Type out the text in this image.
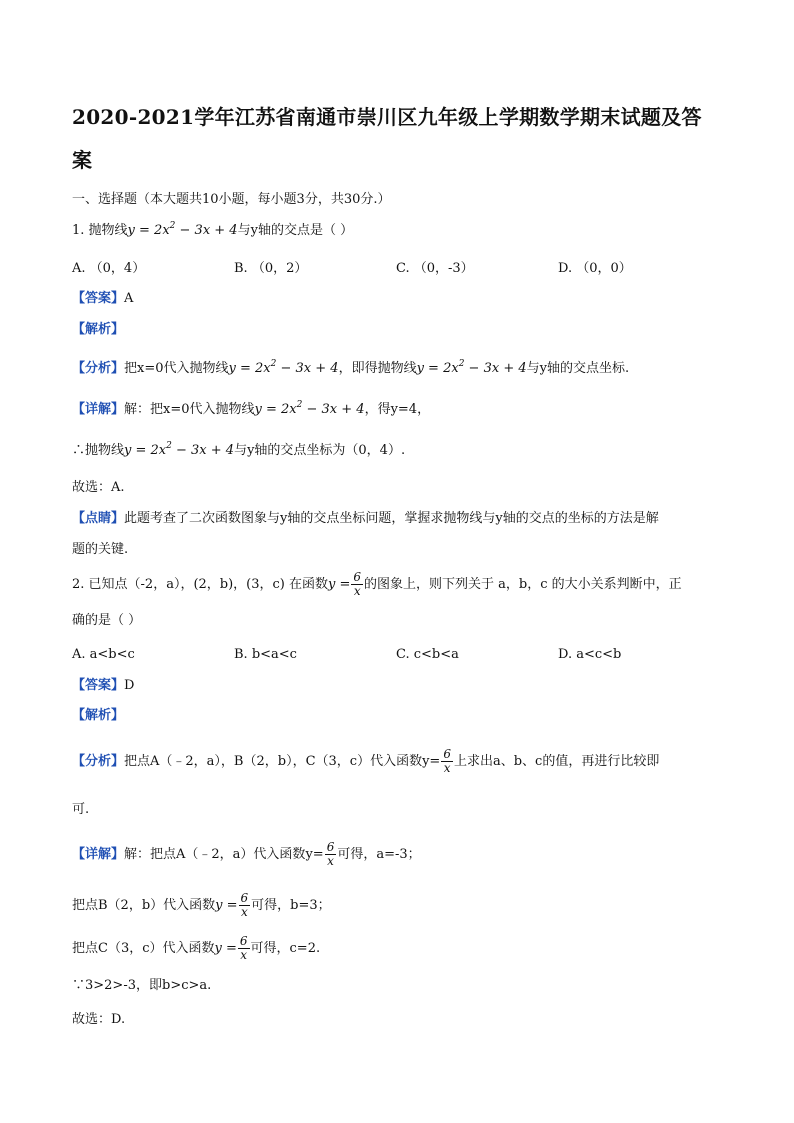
2020-2021学年江苏省南通市崇川区九年级上学期数学期末试题及答
案
一、选择题（本大题共10小题，每小题3分，共30分.）
1. 抛物线$y = 2x^2 - 3x + 4$与y轴的交点是（ ）
A. （0，4）	B. （0，2）	C. （0，-3）	D. （0，0）
【答案】A
【解析】
【分析】把x=0代入抛物线$y = 2x^2 - 3x + 4$，即得抛物线$y = 2x^2 - 3x + 4$与y轴的交点坐标.
【详解】解：把x=0代入抛物线$y = 2x^2 - 3x + 4$，得y=4，
∴抛物线$y = 2x^2 - 3x + 4$与y轴的交点坐标为（0，4）.
故选：A.
【点睛】此题考查了二次函数图象与y轴的交点坐标问题，掌握求抛物线与y轴的交点的坐标的方法是解
题的关键.
2. 已知点（-2，a），(2，b)，(3，c) 在函数$y = \frac{6}{x}$ 的图象上，则下列关于 a，b，c 的大小关系判断中，正
确的是（ ）
A. a<b<c	B. b<a<c	C. c<b<a	D. a<c<b
【答案】D
【解析】
【分析】把点A（﹣2，a），B（2，b），C（3，c）代入函数$y= \frac{6}{x}$ 上求出a、b、c的值，再进行比较即
可.
【详解】解：把点A（﹣2，a）代入函数$y= \frac{6}{x}$ 可得，a=-3；
把点B（2，b）代入函数$y = \frac{6}{x}$ 可得，b=3；
把点C（3，c）代入函数$y = \frac{6}{x}$ 可得，c=2.
∵3>2>-3，即b>c>a.
故选：D.
